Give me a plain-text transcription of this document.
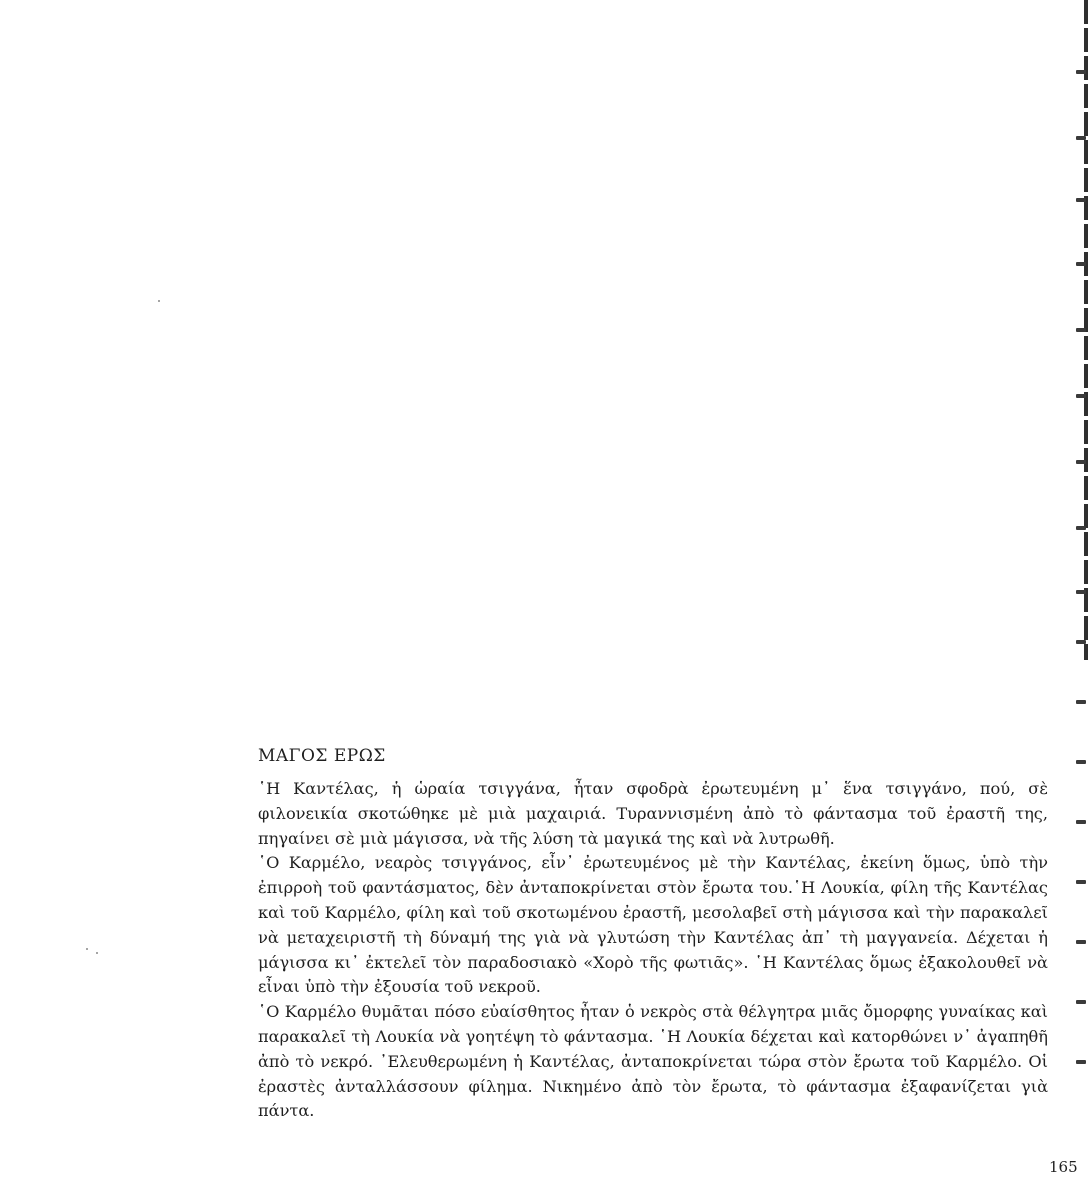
ΜΑΓΟΣ ΕΡΩΣ

῾Η Καντέλας, ἡ ὡραία τσιγγάνα, ἦταν σφοδρὰ ἐρωτευμένη μ᾽ ἕνα τσιγγάνο, πού, σὲ φιλονεικία σκοτώθηκε μὲ μιὰ μαχαιριά. Τυραννισμένη ἀπὸ τὸ φάντασμα τοῦ ἐραστῆ της, πηγαίνει σὲ μιὰ μάγισσα, νὰ τῆς λύση τὰ μαγικά της καὶ νὰ λυτρωθῆ.

῾Ο Καρμέλο, νεαρὸς τσιγγάνος, εἶν᾽ ἐρωτευμένος μὲ τὴν Καντέλας, ἐκείνη ὅμως, ὑπὸ τὴν ἐπιρροὴ τοῦ φαντάσματος, δὲν ἀνταποκρίνεται στὸν ἔρωτα του.῾Η Λουκία, φίλη τῆς Καντέλας καὶ τοῦ Καρμέλο, φίλη καὶ τοῦ σκοτωμένου ἐραστῆ, μεσολαβεῖ στὴ μάγισσα καὶ τὴν παρακαλεῖ νὰ μεταχειριστῆ τὴ δύναμή της γιὰ νὰ γλυτώση τὴν Καντέλας ἀπ᾽ τὴ μαγγανεία. Δέχεται ἡ μάγισσα κι᾽ ἐκτελεῖ τὸν παραδοσιακὸ «Χορὸ τῆς φωτιᾶς». ῾Η Καντέλας ὅμως ἐξακολουθεῖ νὰ εἶναι ὑπὸ τὴν ἐξουσία τοῦ νεκροῦ.

῾Ο Καρμέλο θυμᾶται πόσο εὐαίσθητος ἦταν ὁ νεκρὸς στὰ θέλγητρα μιᾶς ὄμορφης γυναίκας καὶ παρακαλεῖ τὴ Λουκία νὰ γοητέψη τὸ φάντασμα. ῾Η Λουκία δέχεται καὶ κατορθώνει ν᾽ ἀγαπηθῆ ἀπὸ τὸ νεκρό. ᾽Ελευθερωμένη ἡ Καντέλας, ἀνταποκρίνεται τώρα στὸν ἔρωτα τοῦ Καρμέλο. Οἱ ἐραστὲς ἀνταλλάσσουν φίλημα. Νικημένο ἀπὸ τὸν ἔρωτα, τὸ φάντασμα ἐξαφανίζεται γιὰ πάντα.

165
